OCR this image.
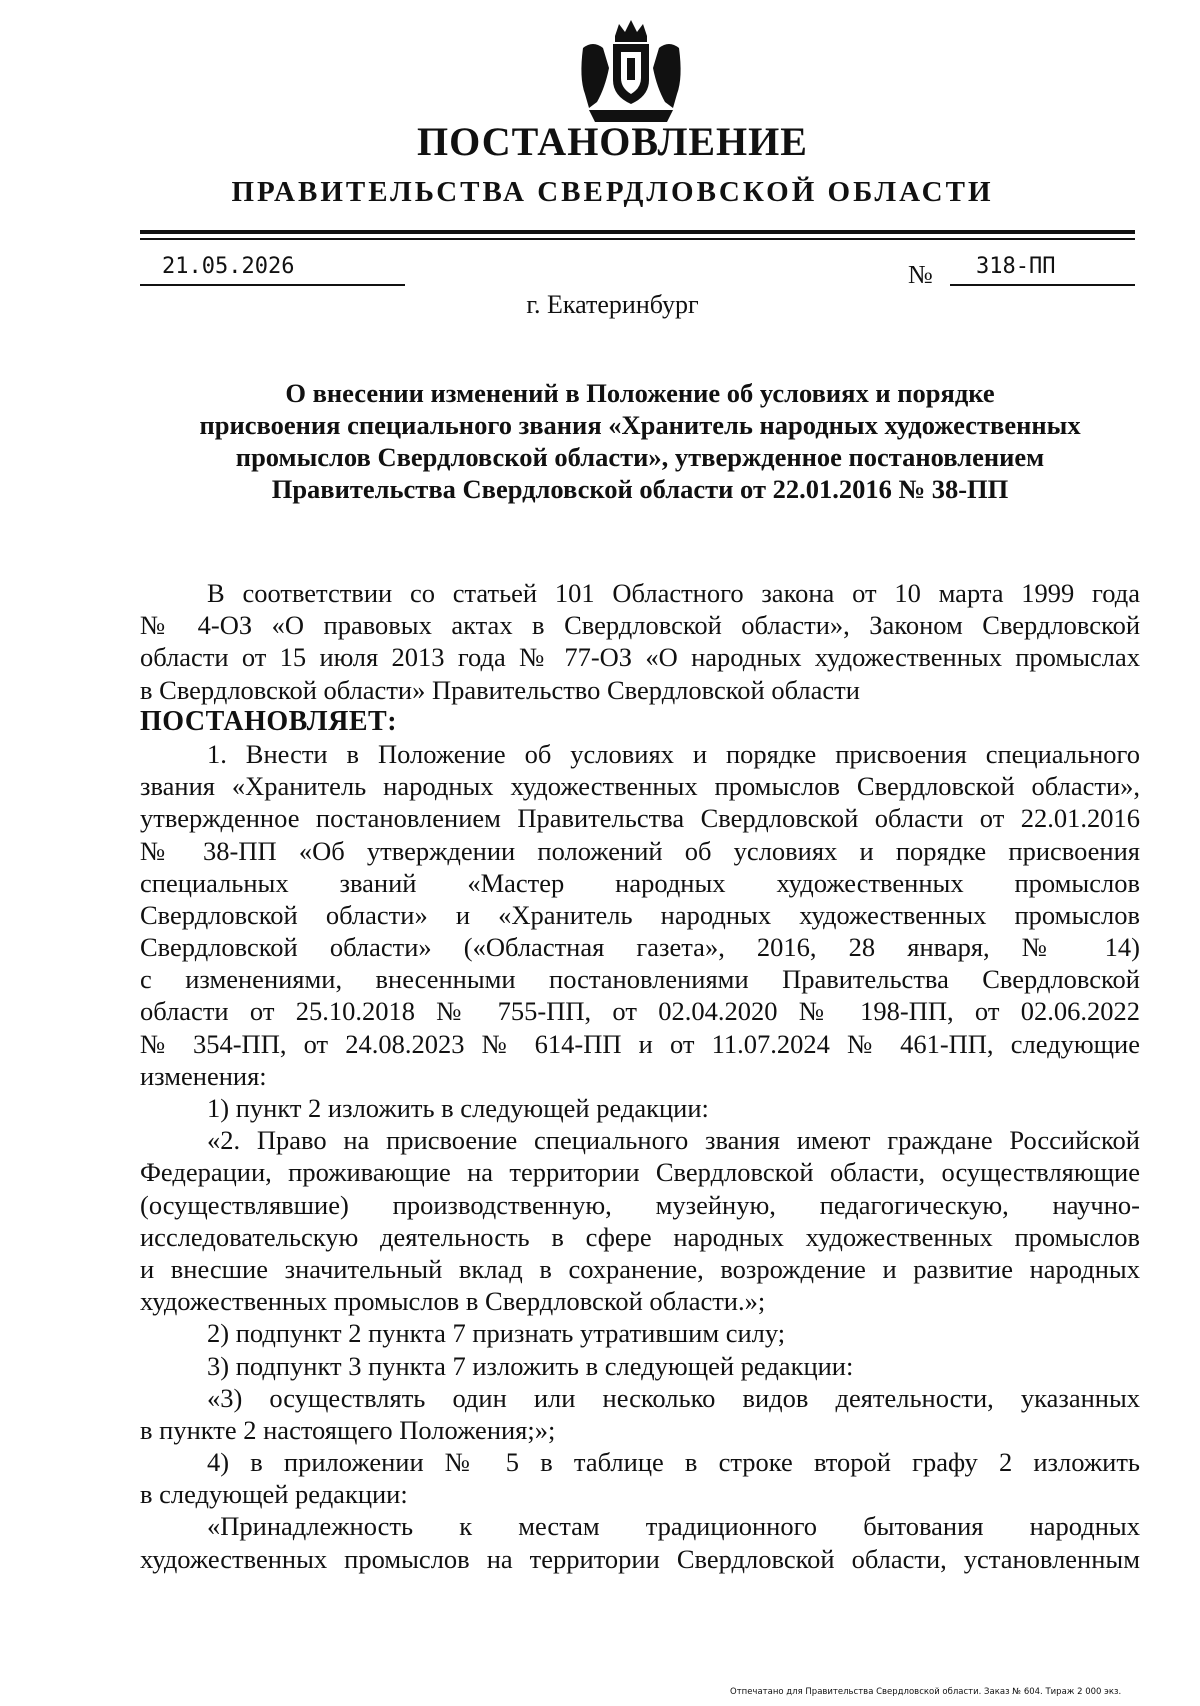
ПОСТАНОВЛЕНИЕ
ПРАВИТЕЛЬСТВА СВЕРДЛОВСКОЙ ОБЛАСТИ
21.05.2026	№	318-ПП
г. Екатеринбург
О внесении изменений в Положение об условиях и порядке
присвоения специального звания «Хранитель народных художественных
промыслов Свердловской области», утвержденное постановлением
Правительства Свердловской области от 22.01.2016 № 38-ПП
В соответствии со статьей 101 Областного закона от 10 марта 1999 года
№ 4-ОЗ «О правовых актах в Свердловской области», Законом Свердловской
области от 15 июля 2013 года № 77-ОЗ «О народных художественных промыслах
в Свердловской области» Правительство Свердловской области
ПОСТАНОВЛЯЕТ:
1. Внести в Положение об условиях и порядке присвоения специального
звания «Хранитель народных художественных промыслов Свердловской области»,
утвержденное постановлением Правительства Свердловской области от 22.01.2016
№ 38-ПП «Об утверждении положений об условиях и порядке присвоения
специальных званий «Мастер народных художественных промыслов
Свердловской области» и «Хранитель народных художественных промыслов
Свердловской области» («Областная газета», 2016, 28 января, № 14)
с изменениями, внесенными постановлениями Правительства Свердловской
области от 25.10.2018 № 755-ПП, от 02.04.2020 № 198-ПП, от 02.06.2022
№ 354-ПП, от 24.08.2023 № 614-ПП и от 11.07.2024 № 461-ПП, следующие
изменения:
1) пункт 2 изложить в следующей редакции:
«2. Право на присвоение специального звания имеют граждане Российской
Федерации, проживающие на территории Свердловской области, осуществляющие
(осуществлявшие) производственную, музейную, педагогическую, научно-
исследовательскую деятельность в сфере народных художественных промыслов
и внесшие значительный вклад в сохранение, возрождение и развитие народных
художественных промыслов в Свердловской области.»;
2) подпункт 2 пункта 7 признать утратившим силу;
3) подпункт 3 пункта 7 изложить в следующей редакции:
«3) осуществлять один или несколько видов деятельности, указанных
в пункте 2 настоящего Положения;»;
4) в приложении № 5 в таблице в строке второй графу 2 изложить
в следующей редакции:
«Принадлежность к местам традиционного бытования народных
художественных промыслов на территории Свердловской области, установленным
Отпечатано для Правительства Свердловской области. Заказ № 604. Тираж 2 000 экз.
